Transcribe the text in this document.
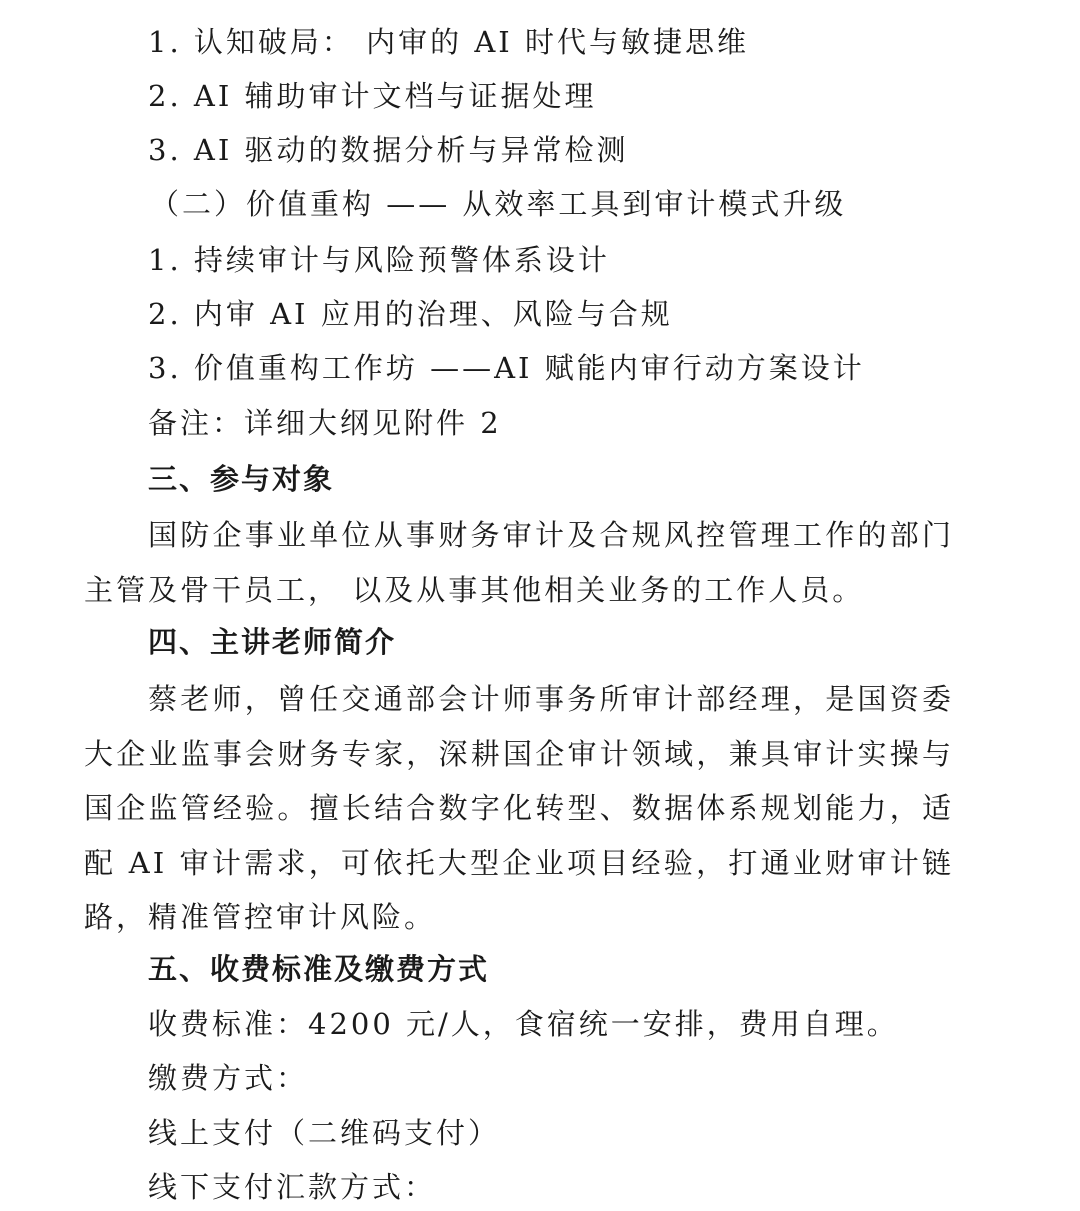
1. 认知破局： 内审的 AI 时代与敏捷思维
2. AI 辅助审计文档与证据处理
3. AI 驱动的数据分析与异常检测
（二）价值重构 —— 从效率工具到审计模式升级
1. 持续审计与风险预警体系设计
2. 内审 AI 应用的治理、风险与合规
3. 价值重构工作坊 ——AI 赋能内审行动方案设计
备注：详细大纲见附件 2
三、参与对象
国防企事业单位从事财务审计及合规风控管理工作的部门主管及骨干员工， 以及从事其他相关业务的工作人员。
四、主讲老师简介
蔡老师，曾任交通部会计师事务所审计部经理，是国资委大企业监事会财务专家，深耕国企审计领域，兼具审计实操与国企监管经验。擅长结合数字化转型、数据体系规划能力，适配 AI 审计需求，可依托大型企业项目经验，打通业财审计链路，精准管控审计风险。
五、收费标准及缴费方式
收费标准：4200 元/人，食宿统一安排，费用自理。
缴费方式：
线上支付（二维码支付）
线下支付汇款方式：
